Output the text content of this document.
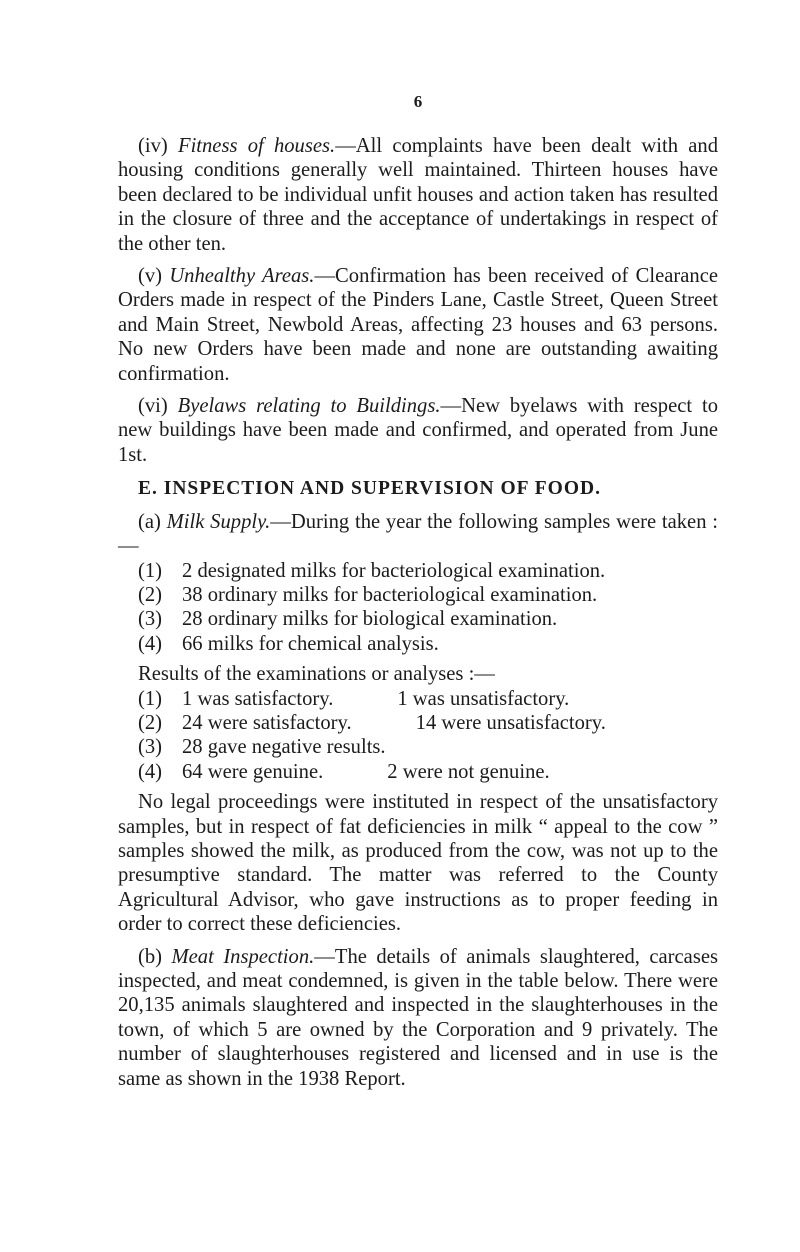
6

(iv) Fitness of houses.—All complaints have been dealt with and housing conditions generally well maintained. Thirteen houses have been declared to be individual unfit houses and action taken has resulted in the closure of three and the acceptance of undertakings in respect of the other ten.

(v) Unhealthy Areas.—Confirmation has been received of Clearance Orders made in respect of the Pinders Lane, Castle Street, Queen Street and Main Street, Newbold Areas, affecting 23 houses and 63 persons. No new Orders have been made and none are outstanding awaiting confirmation.

(vi) Byelaws relating to Buildings.—New byelaws with respect to new buildings have been made and confirmed, and operated from June 1st.

E. INSPECTION AND SUPERVISION OF FOOD.

(a) Milk Supply.—During the year the following samples were taken :—

(1) 2 designated milks for bacteriological examination.
(2) 38 ordinary milks for bacteriological examination.
(3) 28 ordinary milks for biological examination.
(4) 66 milks for chemical analysis.

Results of the examinations or analyses :—

(1) 1 was satisfactory.	1 was unsatisfactory.
(2) 24 were satisfactory.	14 were unsatisfactory.
(3) 28 gave negative results.
(4) 64 were genuine.	2 were not genuine.

No legal proceedings were instituted in respect of the unsatisfactory samples, but in respect of fat deficiencies in milk “ appeal to the cow ” samples showed the milk, as produced from the cow, was not up to the presumptive standard. The matter was referred to the County Agricultural Advisor, who gave instructions as to proper feeding in order to correct these deficiencies.

(b) Meat Inspection.—The details of animals slaughtered, carcases inspected, and meat condemned, is given in the table below. There were 20,135 animals slaughtered and inspected in the slaughterhouses in the town, of which 5 are owned by the Corporation and 9 privately. The number of slaughterhouses registered and licensed and in use is the same as shown in the 1938 Report.
